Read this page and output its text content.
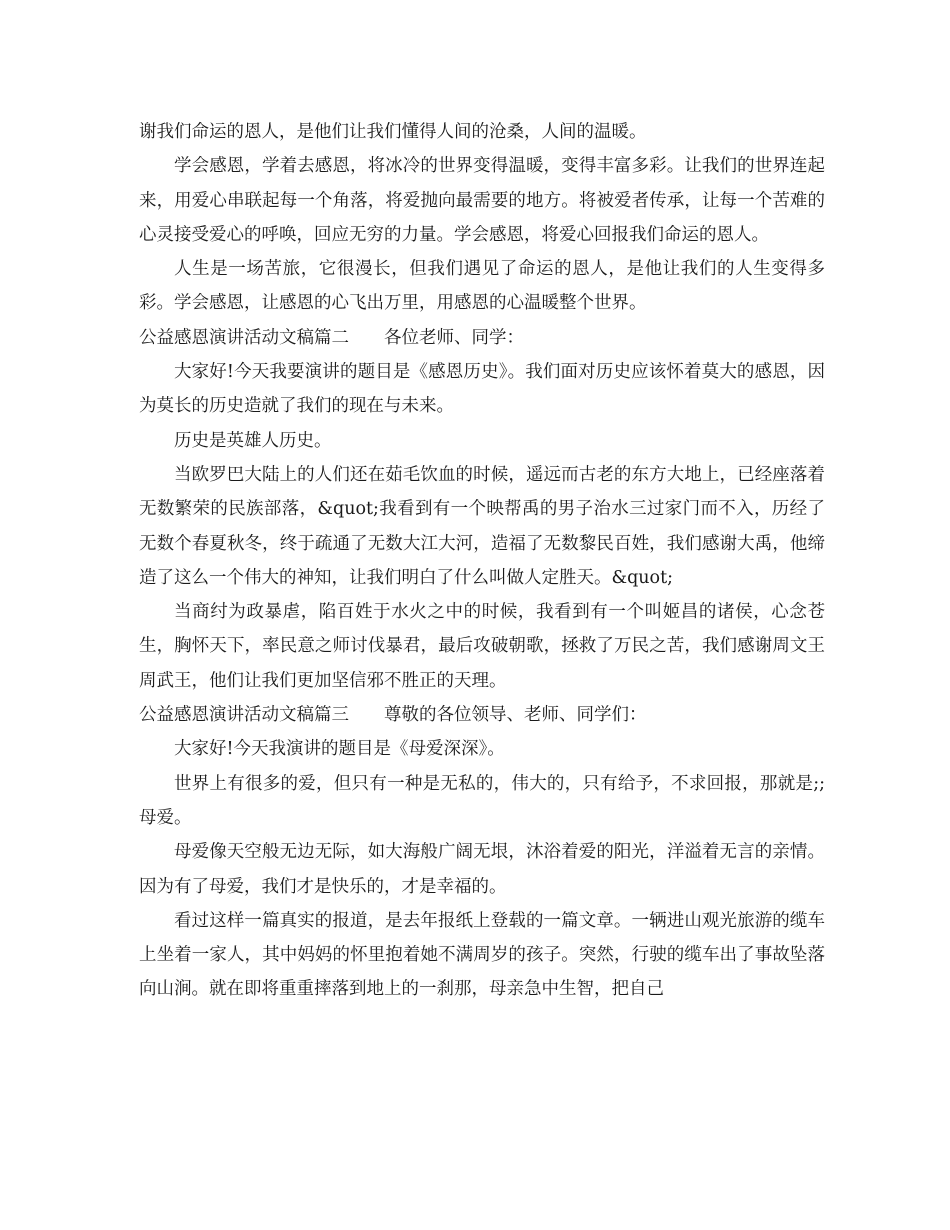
谢我们命运的恩人，是他们让我们懂得人间的沧桑，人间的温暖。

学会感恩，学着去感恩，将冰冷的世界变得温暖，变得丰富多彩。让我们的世界连起来，用爱心串联起每一个角落，将爱抛向最需要的地方。将被爱者传承，让每一个苦难的心灵接受爱心的呼唤，回应无穷的力量。学会感恩，将爱心回报我们命运的恩人。

人生是一场苦旅，它很漫长，但我们遇见了命运的恩人，是他让我们的人生变得多彩。学会感恩，让感恩的心飞出万里，用感恩的心温暖整个世界。

公益感恩演讲活动文稿篇二　　各位老师、同学：

大家好!今天我要演讲的题目是《感恩历史》。我们面对历史应该怀着莫大的感恩，因为莫长的历史造就了我们的现在与未来。

历史是英雄人历史。

当欧罗巴大陆上的人们还在茹毛饮血的时候，遥远而古老的东方大地上，已经座落着无数繁荣的民族部落，&quot;我看到有一个映帮禹的男子治水三过家门而不入，历经了无数个春夏秋冬，终于疏通了无数大江大河，造福了无数黎民百姓，我们感谢大禹，他缔造了这么一个伟大的神知，让我们明白了什么叫做人定胜天。&quot;

当商纣为政暴虐，陷百姓于水火之中的时候，我看到有一个叫姬昌的诸侯，心念苍生，胸怀天下，率民意之师讨伐暴君，最后攻破朝歌，拯救了万民之苦，我们感谢周文王周武王，他们让我们更加坚信邪不胜正的天理。

公益感恩演讲活动文稿篇三　　尊敬的各位领导、老师、同学们：

大家好!今天我演讲的题目是《母爱深深》。

世界上有很多的爱，但只有一种是无私的，伟大的，只有给予，不求回报，那就是;;母爱。

母爱像天空般无边无际，如大海般广阔无垠，沐浴着爱的阳光，洋溢着无言的亲情。因为有了母爱，我们才是快乐的，才是幸福的。

看过这样一篇真实的报道，是去年报纸上登载的一篇文章。一辆进山观光旅游的缆车上坐着一家人，其中妈妈的怀里抱着她不满周岁的孩子。突然，行驶的缆车出了事故坠落向山涧。就在即将重重摔落到地上的一刹那，母亲急中生智，把自己
